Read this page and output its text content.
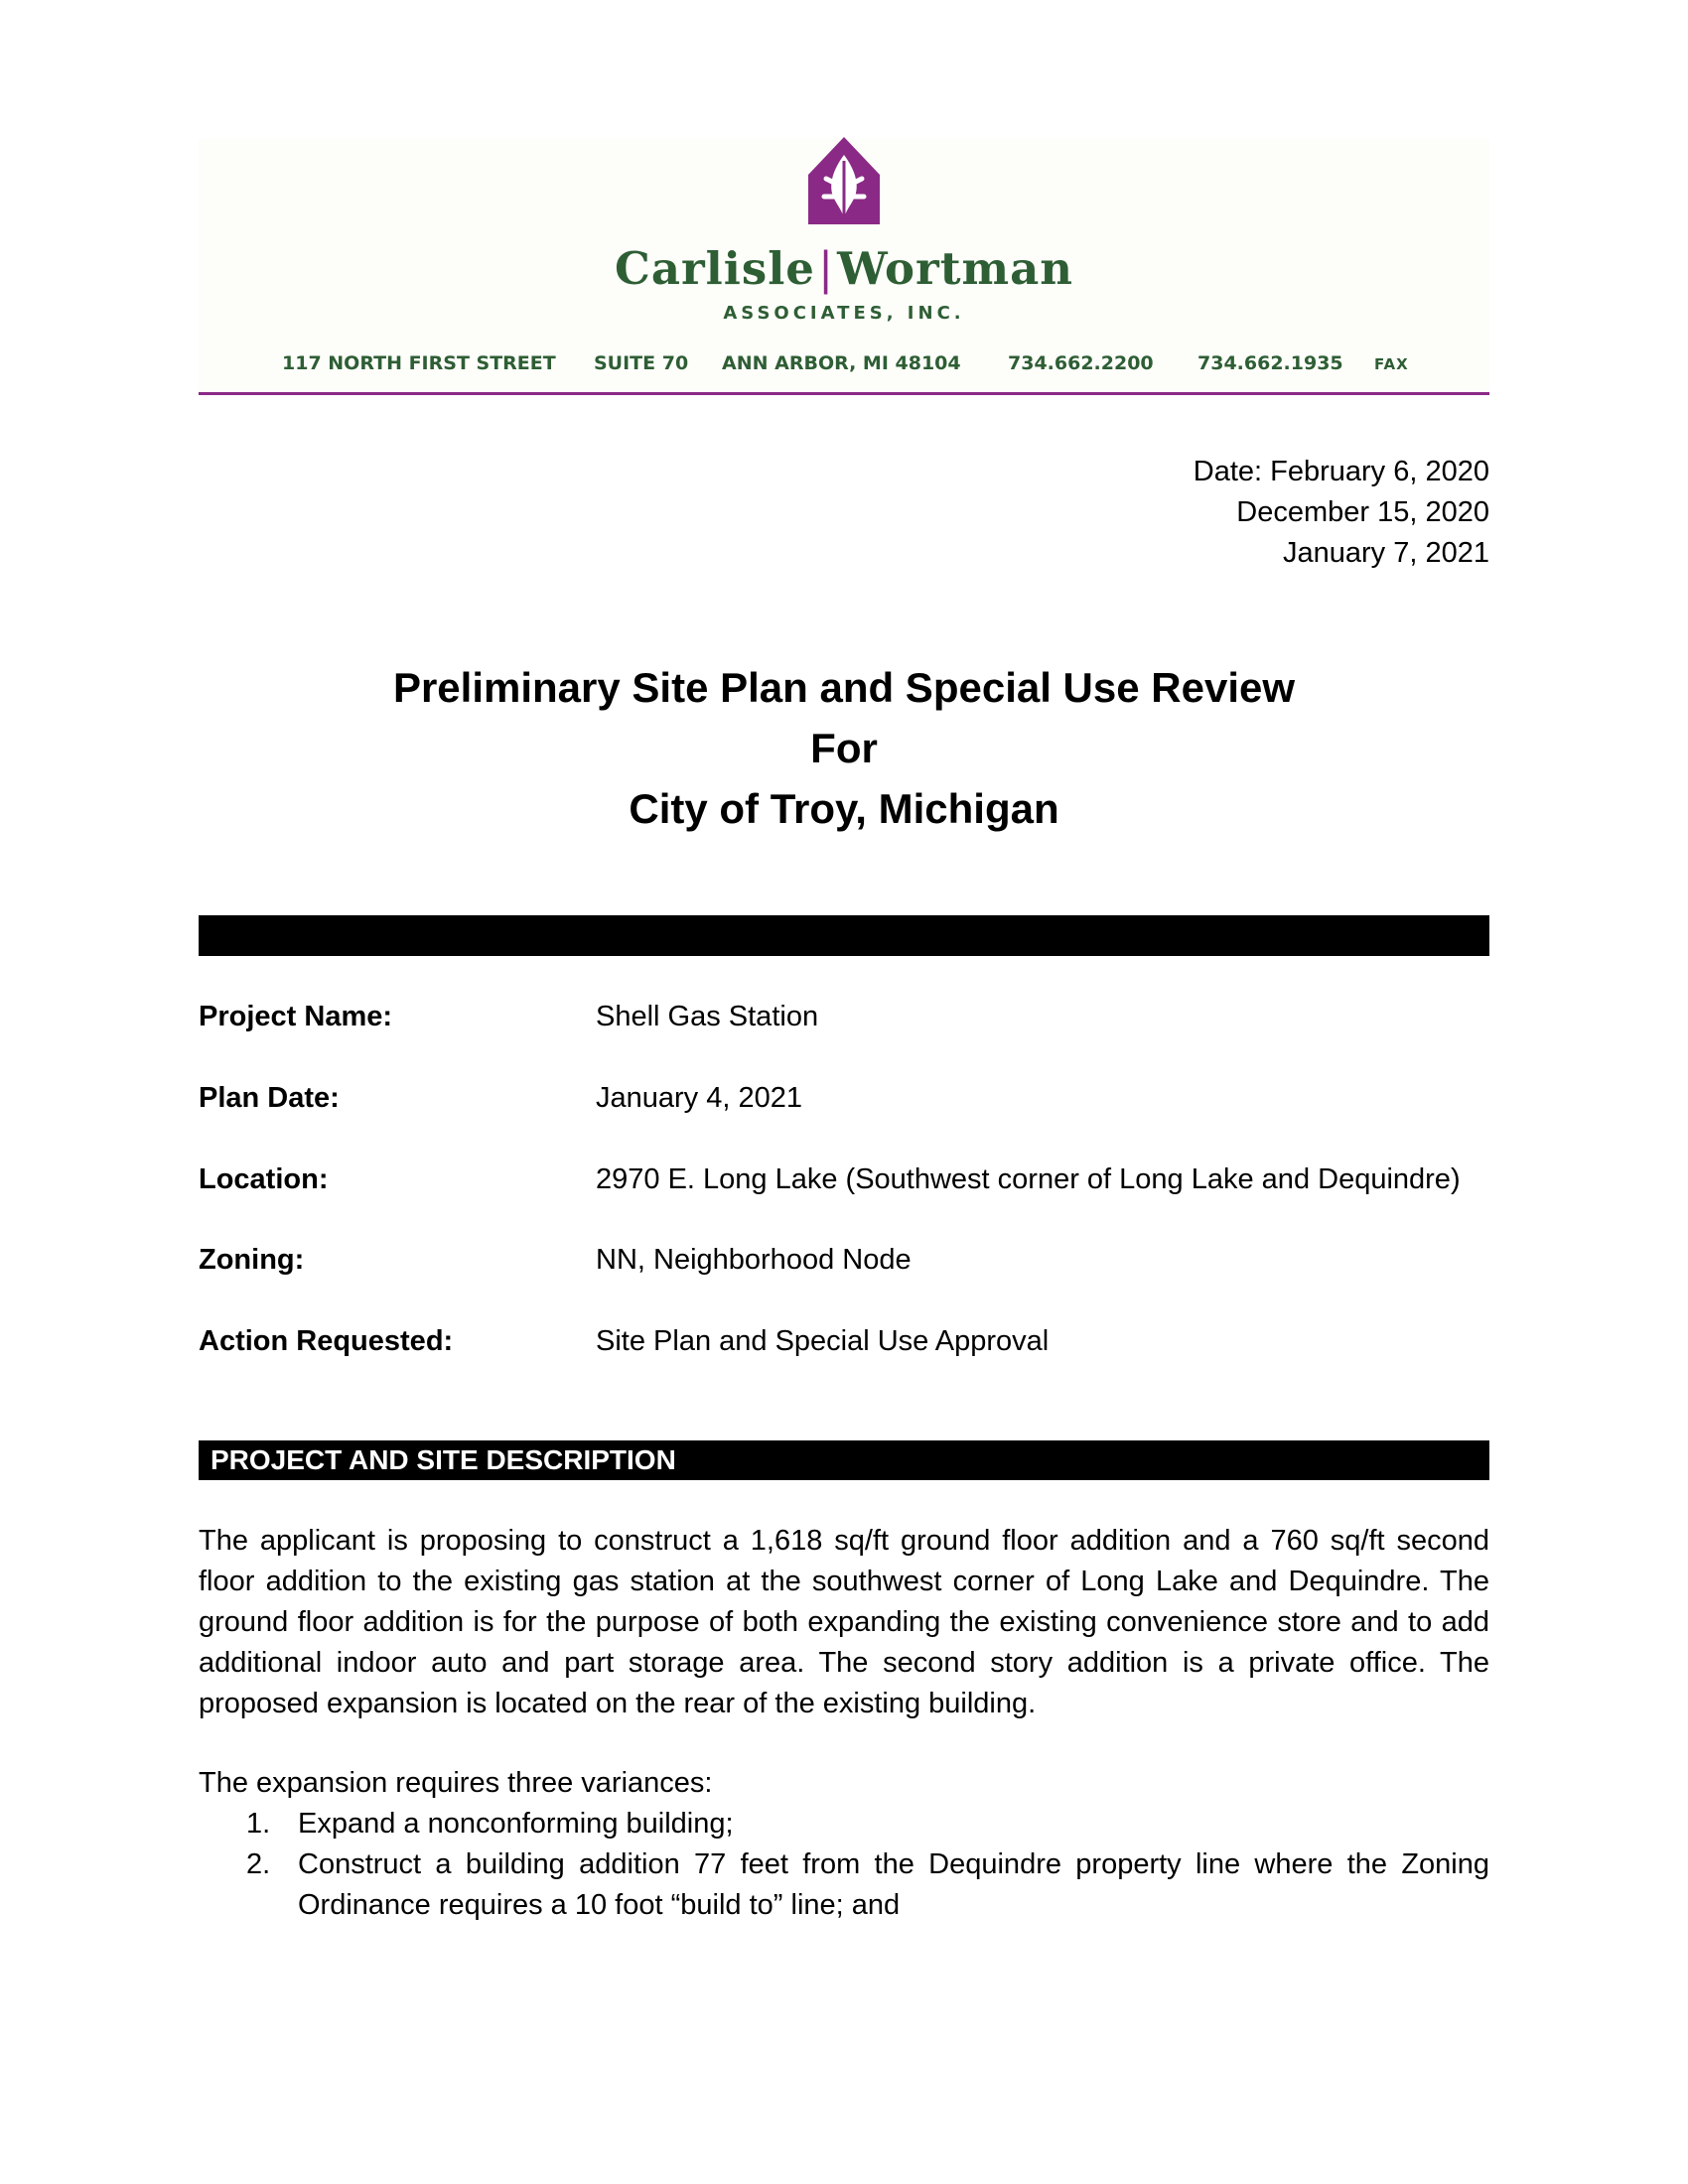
Carlisle|Wortman
ASSOCIATES, INC.
117 NORTH FIRST STREET SUITE 70 ANN ARBOR, MI 48104 734.662.2200 734.662.1935 FAX
Date: February 6, 2020
December 15, 2020
January 7, 2021
Preliminary Site Plan and Special Use Review
For
City of Troy, Michigan
Project Name:	Shell Gas Station
Plan Date:	January 4, 2021
Location:	2970 E. Long Lake (Southwest corner of Long Lake and Dequindre)
Zoning:	NN, Neighborhood Node
Action Requested:	Site Plan and Special Use Approval
PROJECT AND SITE DESCRIPTION

The applicant is proposing to construct a 1,618 sq/ft ground floor addition and a 760 sq/ft second floor addition to the existing gas station at the southwest corner of Long Lake and Dequindre. The ground floor addition is for the purpose of both expanding the existing convenience store and to add additional indoor auto and part storage area. The second story addition is a private office. The proposed expansion is located on the rear of the existing building.

The expansion requires three variances:
1. Expand a nonconforming building;
2. Construct a building addition 77 feet from the Dequindre property line where the Zoning Ordinance requires a 10 foot “build to” line; and
